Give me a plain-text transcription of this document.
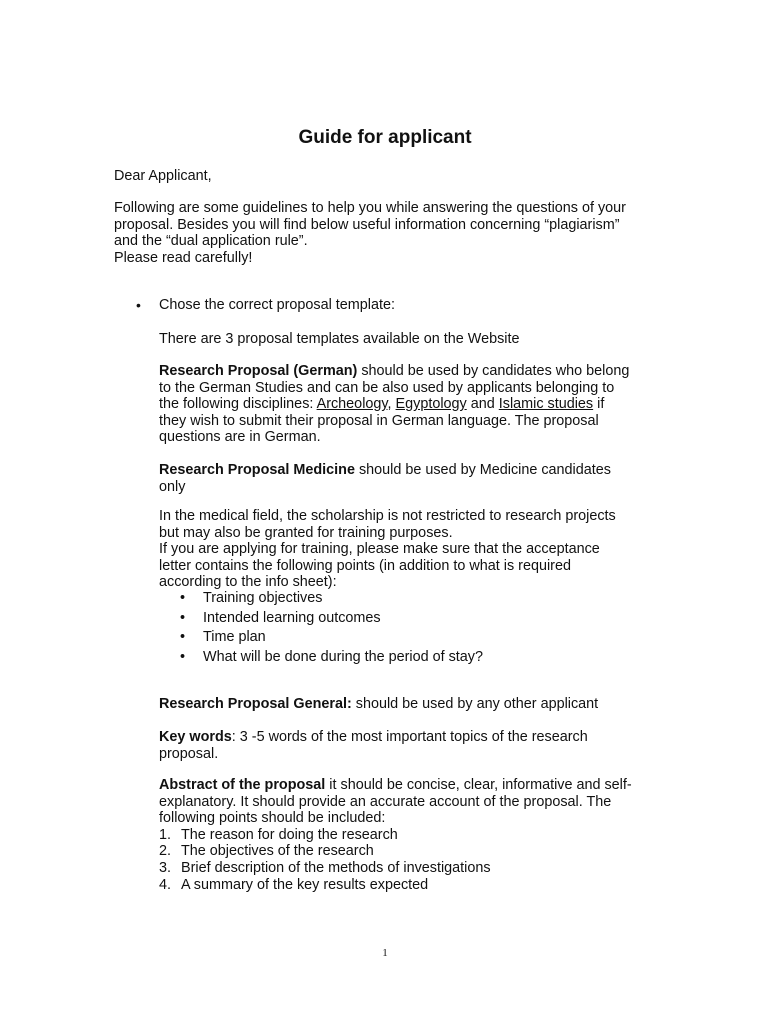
Guide for applicant

Dear Applicant,

Following are some guidelines to help you while answering the questions of your
proposal. Besides you will find below useful information concerning “plagiarism”
and the “dual application rule”.
Please read carefully!

• Chose the correct proposal template:

There are 3 proposal templates available on the Website

Research Proposal (German) should be used by candidates who belong
to the German Studies and can be also used by applicants belonging to
the following disciplines: Archeology, Egyptology and Islamic studies if
they wish to submit their proposal in German language. The proposal
questions are in German.

Research Proposal Medicine should be used by Medicine candidates
only

In the medical field, the scholarship is not restricted to research projects
but may also be granted for training purposes.
If you are applying for training, please make sure that the acceptance
letter contains the following points (in addition to what is required
according to the info sheet):

• Training objectives
• Intended learning outcomes
• Time plan
• What will be done during the period of stay?

Research Proposal General: should be used by any other applicant

Key words: 3 -5 words of the most important topics of the research
proposal.

Abstract of the proposal it should be concise, clear, informative and self-
explanatory. It should provide an accurate account of the proposal. The
following points should be included:
1. The reason for doing the research
2. The objectives of the research
3. Brief description of the methods of investigations
4. A summary of the key results expected
1
